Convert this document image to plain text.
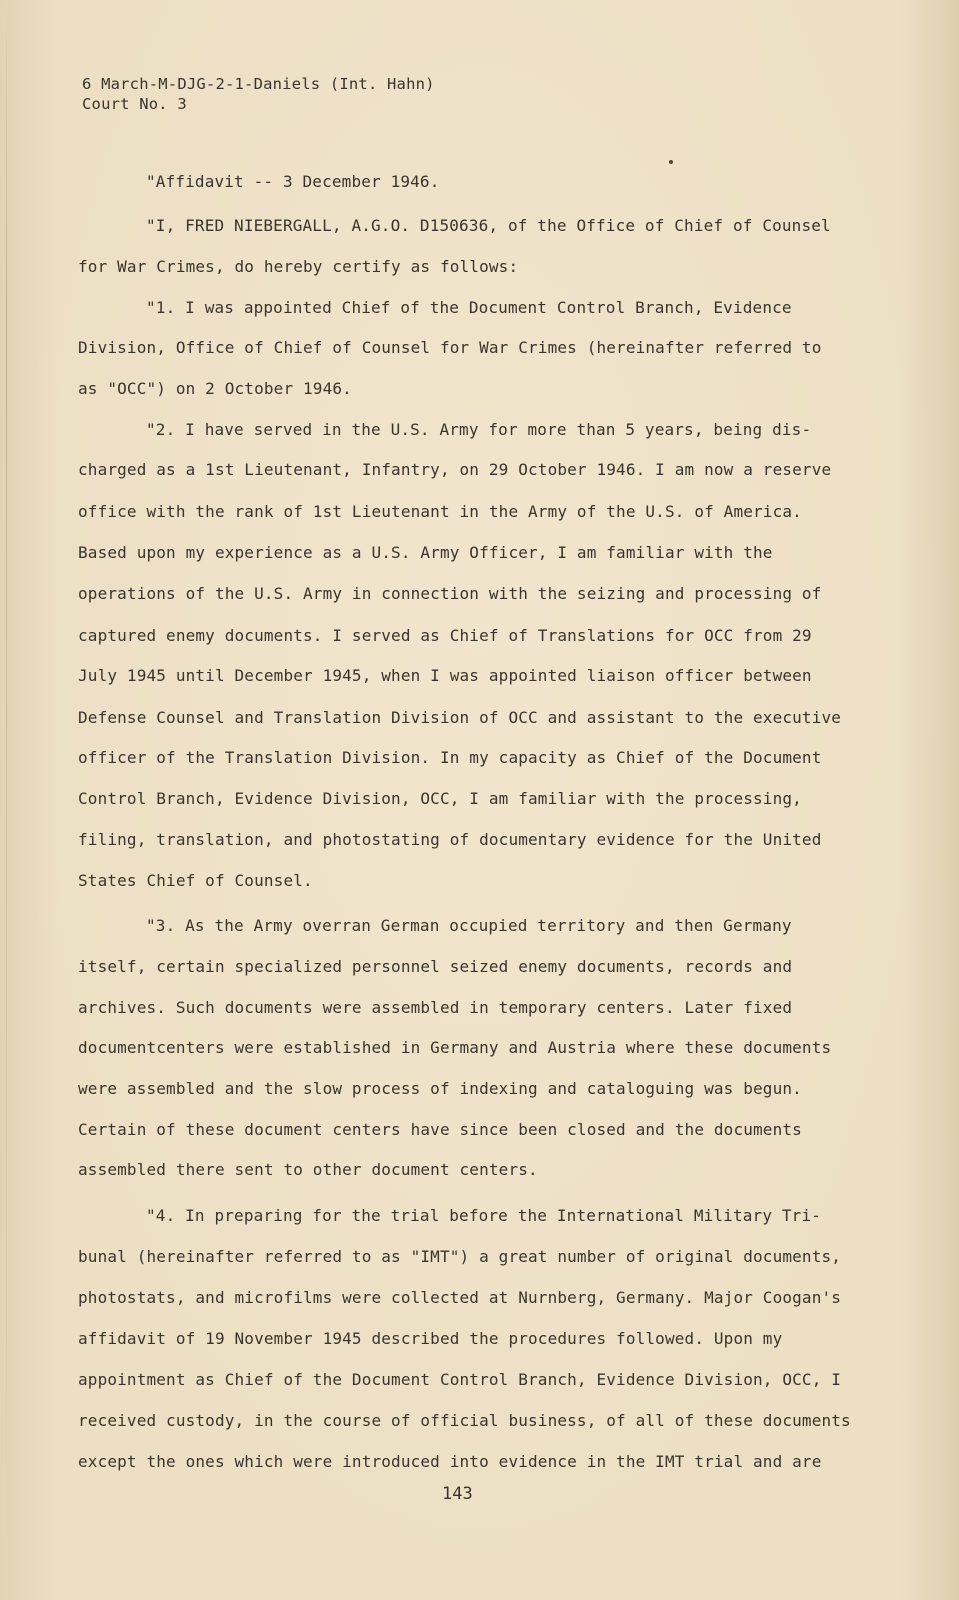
6 March-M-DJG-2-1-Daniels (Int. Hahn)
Court No. 3
"Affidavit -- 3 December 1946.
"I, FRED NIEBERGALL, A.G.O. D150636, of the Office of Chief of Counsel
for War Crimes, do hereby certify as follows:
"1. I was appointed Chief of the Document Control Branch, Evidence
Division, Office of Chief of Counsel for War Crimes (hereinafter referred to
as "OCC") on 2 October 1946.
"2. I have served in the U.S. Army for more than 5 years, being dis-
charged as a 1st Lieutenant, Infantry, on 29 October 1946. I am now a reserve
office with the rank of 1st Lieutenant in the Army of the U.S. of America.
Based upon my experience as a U.S. Army Officer, I am familiar with the
operations of the U.S. Army in connection with the seizing and processing of
captured enemy documents. I served as Chief of Translations for OCC from 29
July 1945 until December 1945, when I was appointed liaison officer between
Defense Counsel and Translation Division of OCC and assistant to the executive
officer of the Translation Division. In my capacity as Chief of the Document
Control Branch, Evidence Division, OCC, I am familiar with the processing,
filing, translation, and photostating of documentary evidence for the United
States Chief of Counsel.
"3. As the Army overran German occupied territory and then Germany
itself, certain specialized personnel seized enemy documents, records and
archives. Such documents were assembled in temporary centers. Later fixed
documentcenters were established in Germany and Austria where these documents
were assembled and the slow process of indexing and cataloguing was begun.
Certain of these document centers have since been closed and the documents
assembled there sent to other document centers.
"4. In preparing for the trial before the International Military Tri-
bunal (hereinafter referred to as "IMT") a great number of original documents,
photostats, and microfilms were collected at Nurnberg, Germany. Major Coogan's
affidavit of 19 November 1945 described the procedures followed. Upon my
appointment as Chief of the Document Control Branch, Evidence Division, OCC, I
received custody, in the course of official business, of all of these documents
except the ones which were introduced into evidence in the IMT trial and are
143
